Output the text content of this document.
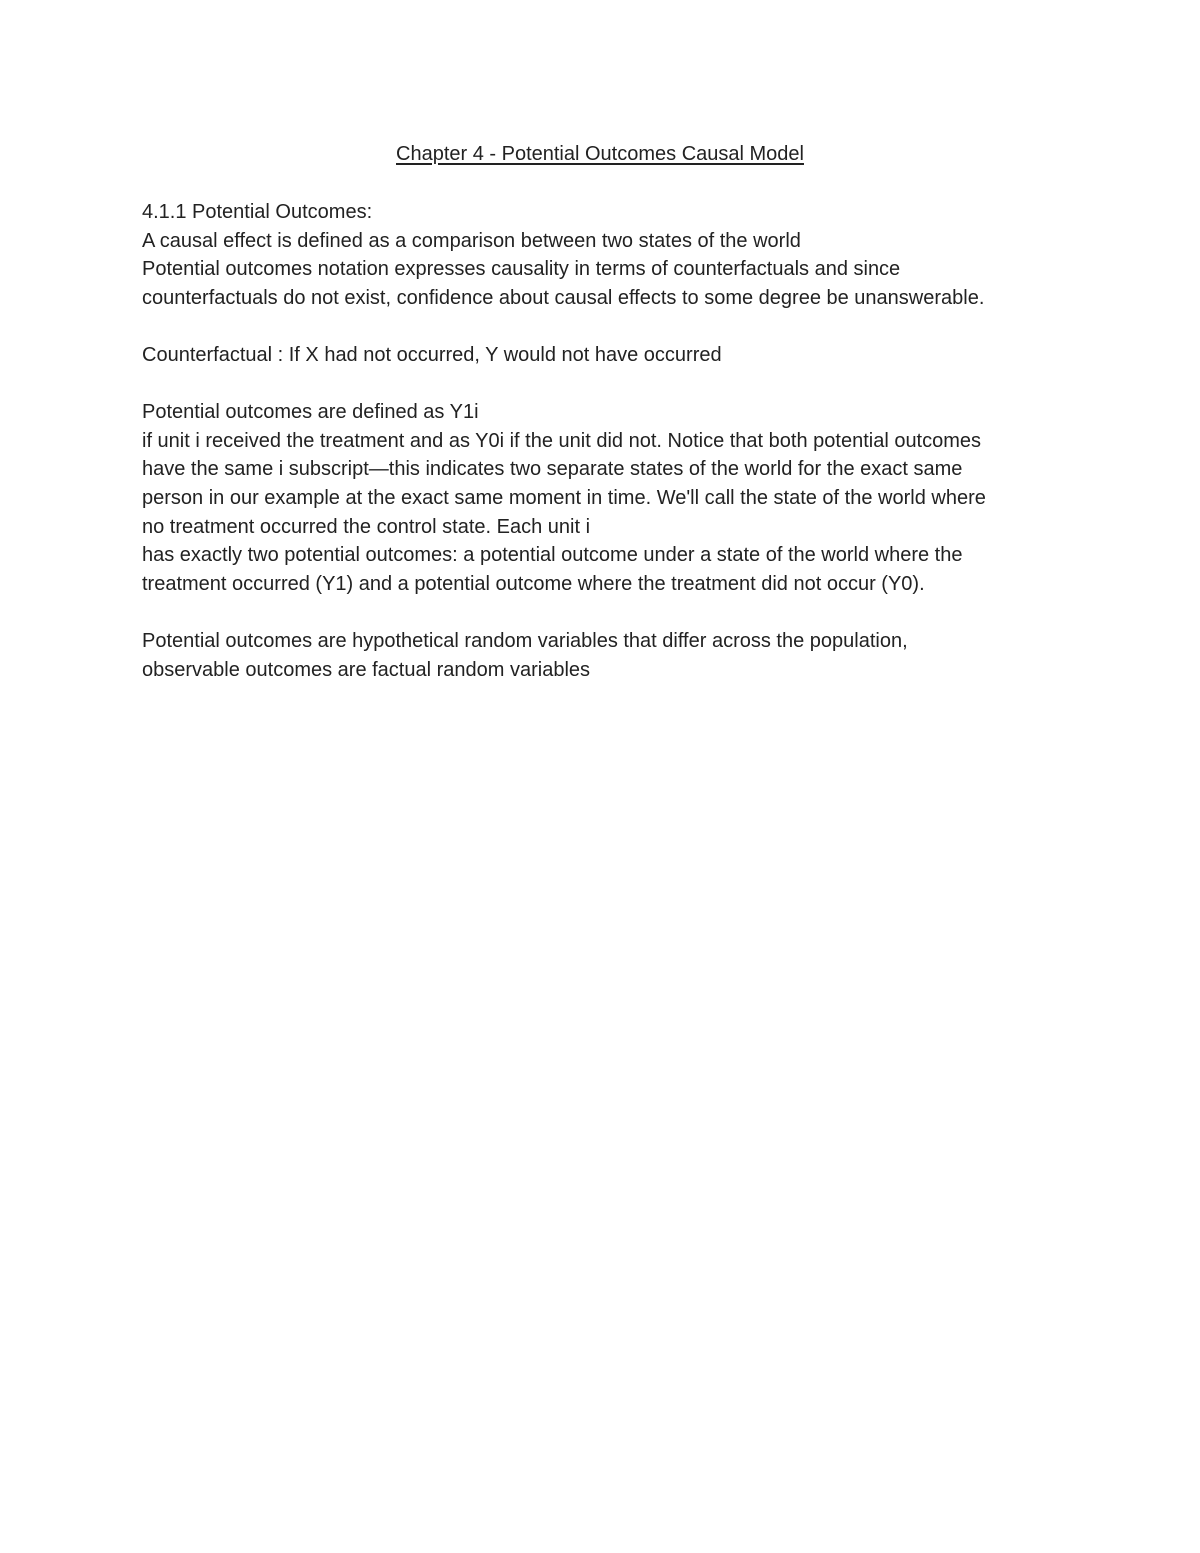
Chapter 4 - Potential Outcomes Causal Model
4.1.1 Potential Outcomes:
A causal effect is defined as a comparison between two states of the world
Potential outcomes notation expresses causality in terms of counterfactuals and since
counterfactuals do not exist, confidence about causal effects to some degree be unanswerable.
Counterfactual : If X had not occurred, Y would not have occurred
Potential outcomes are defined as Y1i
if unit i received the treatment and as Y0i if the unit did not. Notice that both potential outcomes
have the same i subscript—this indicates two separate states of the world for the exact same
person in our example at the exact same moment in time. We'll call the state of the world where
no treatment occurred the control state. Each unit i
has exactly two potential outcomes: a potential outcome under a state of the world where the
treatment occurred (Y1) and a potential outcome where the treatment did not occur (Y0).
Potential outcomes are hypothetical random variables that differ across the population,
observable outcomes are factual random variables
